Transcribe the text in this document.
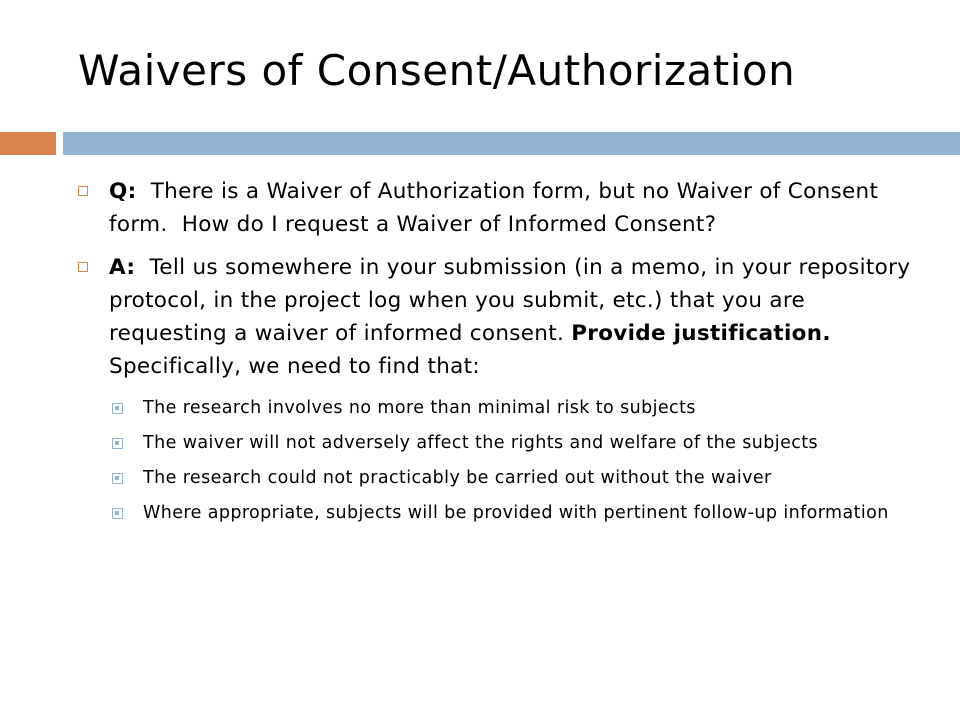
Waivers of Consent/Authorization
Q:  There is a Waiver of Authorization form, but no Waiver of Consent form.  How do I request a Waiver of Informed Consent?
A:  Tell us somewhere in your submission (in a memo, in your repository protocol, in the project log when you submit, etc.) that you are requesting a waiver of informed consent. Provide justification.  Specifically, we need to find that:
The research involves no more than minimal risk to subjects
The waiver will not adversely affect the rights and welfare of the subjects
The research could not practicably be carried out without the waiver
Where appropriate, subjects will be provided with pertinent follow-up information
